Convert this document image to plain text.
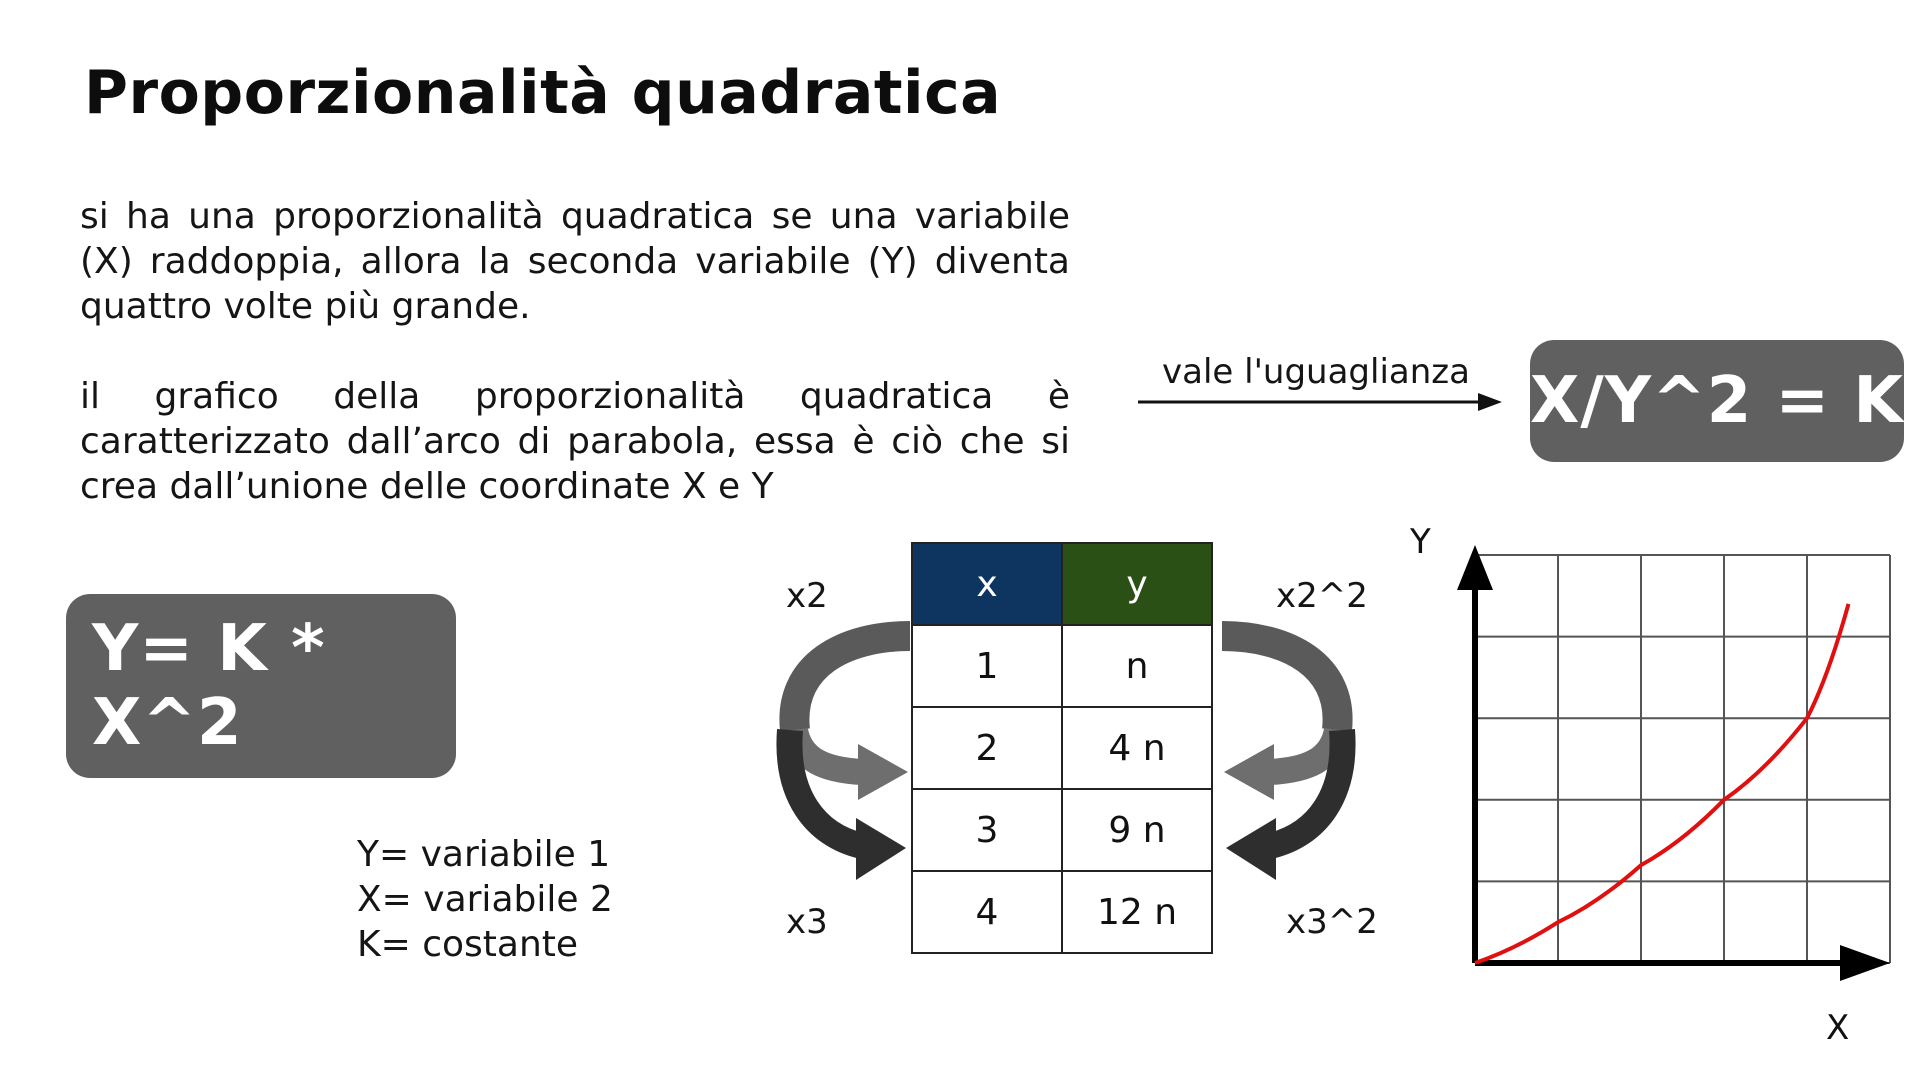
Proporzionalità quadratica
si ha una proporzionalità quadratica se una variabile (X) raddoppia, allora la seconda variabile (Y) diventa quattro volte più grande.
il grafico della proporzionalità quadratica è caratterizzato dall’arco di parabola, essa è ciò che si crea dall’unione delle coordinate X e Y
vale l'uguaglianza X/Y^2 = K
Y= K * X^2
Y= variabile 1
X= variabile 2
K= costante
x2
x3
x2^2
x3^2
x	y
1	n
2	4 n
3	9 n
4	12 n
Y
X
